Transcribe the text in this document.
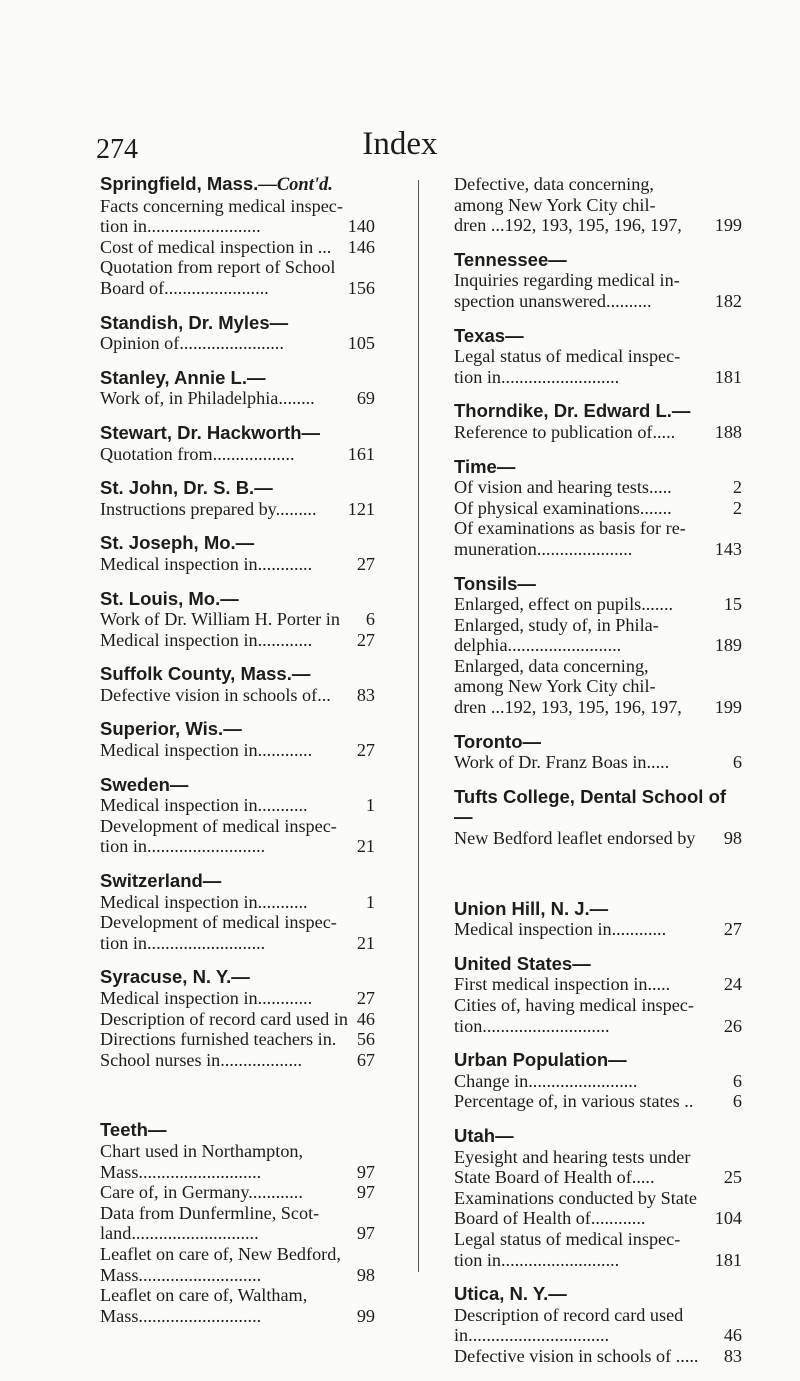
274	Index
Springfield, Mass.—Cont'd.
Facts concerning medical inspec-
tion in.........................	140
Cost of medical inspection in ... 146
Quotation from report of School
Board of.......................	156
Standish, Dr. Myles—
Opinion of.......................	105
Stanley, Annie L.—
Work of, in Philadelphia........	69
Stewart, Dr. Hackworth—
Quotation from..................	161
St. John, Dr. S. B.—
Instructions prepared by.........	121
St. Joseph, Mo.—
Medical inspection in............	27
St. Louis, Mo.—
Work of Dr. William H. Porter in	6
Medical inspection in............	27
Suffolk County, Mass.—
Defective vision in schools of...	83
Superior, Wis.—
Medical inspection in............	27
Sweden—
Medical inspection in...........	1
Development of medical inspec-
tion in..........................	21
Switzerland—
Medical inspection in...........	1
Development of medical inspec-
tion in..........................	21
Syracuse, N. Y.—
Medical inspection in............	27
Description of record card used in 46
Directions furnished teachers in.	56
School nurses in..................	67
Teeth—
Chart used in Northampton,
Mass...........................	97
Care of, in Germany............	97
Data from Dunfermline, Scot-
land............................	97
Leaflet on care of, New Bedford,
Mass...........................	98
Leaflet on care of, Waltham,
Mass...........................	99
Defective, data concerning,
among New York City chil-
dren ...192, 193, 195, 196, 197,	199
Tennessee—
Inquiries regarding medical in-
spection unanswered..........	182
Texas—
Legal status of medical inspec-
tion in..........................	181
Thorndike, Dr. Edward L.—
Reference to publication of.....	188
Time—
Of vision and hearing tests.....	2
Of physical examinations.......	2
Of examinations as basis for re-
muneration.....................	143
Tonsils—
Enlarged, effect on pupils.......	15
Enlarged, study of, in Phila-
delphia.........................	189
Enlarged, data concerning,
among New York City chil-
dren ...192, 193, 195, 196, 197,	199
Toronto—
Work of Dr. Franz Boas in.....	6
Tufts College, Dental School of—
New Bedford leaflet endorsed by	98
Union Hill, N. J.—
Medical inspection in............	27
United States—
First medical inspection in.....	24
Cities of, having medical inspec-
tion............................	26
Urban Population—
Change in........................	6
Percentage of, in various states ..	6
Utah—
Eyesight and hearing tests under
State Board of Health of.....	25
Examinations conducted by State
Board of Health of............	104
Legal status of medical inspec-
tion in..........................	181
Utica, N. Y.—
Description of record card used
in...............................	46
Defective vision in schools of .....	83
